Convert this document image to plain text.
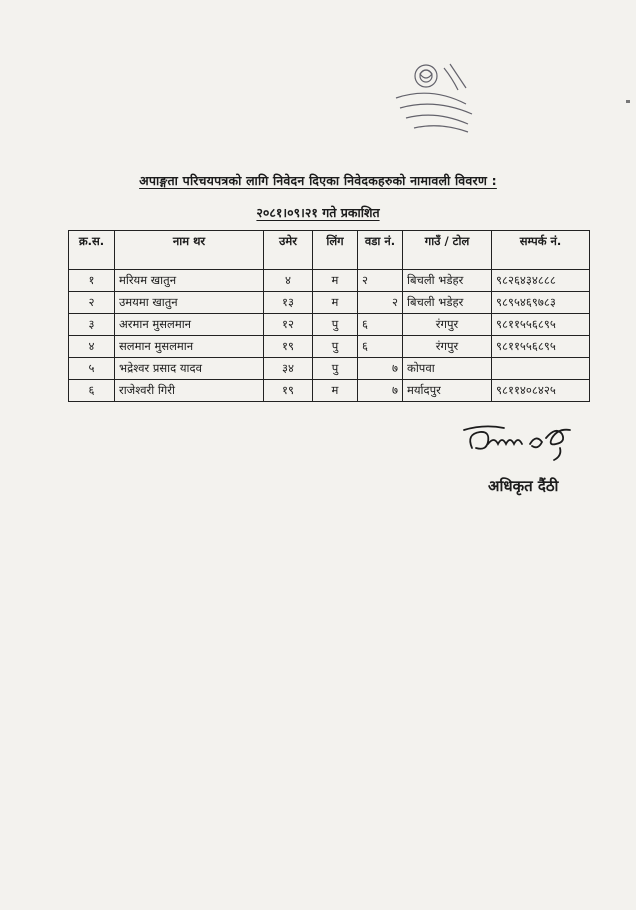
अपाङ्गता परिचयपत्रको लागि निवेदन दिएका निवेदकहरुको नामावली विवरण :
२०८१।०९।२१ गते प्रकाशित
क्र.स.	नाम थर	उमेर	लिंग	वडा नं.	गाउँ / टोल	सम्पर्क नं.
१	मरियम खातुन	४	म	२	बिचली भडेहर	९८२६४३४८८८
२	उमयमा खातुन	१३	म	२	बिचली भडेहर	९८९५४६९७८३
३	अरमान मुसलमान	१२	पु	६	रंगपुर	९८११५५६८९५
४	सलमान मुसलमान	१९	पु	६	रंगपुर	९८११५५६८९५
५	भद्रेश्वर प्रसाद यादव	३४	पु	७	कोपवा	
६	राजेश्वरी गिरी	१९	म	७	मर्यादपुर	९८११४०८४२५
अधिकृत दैंठी
